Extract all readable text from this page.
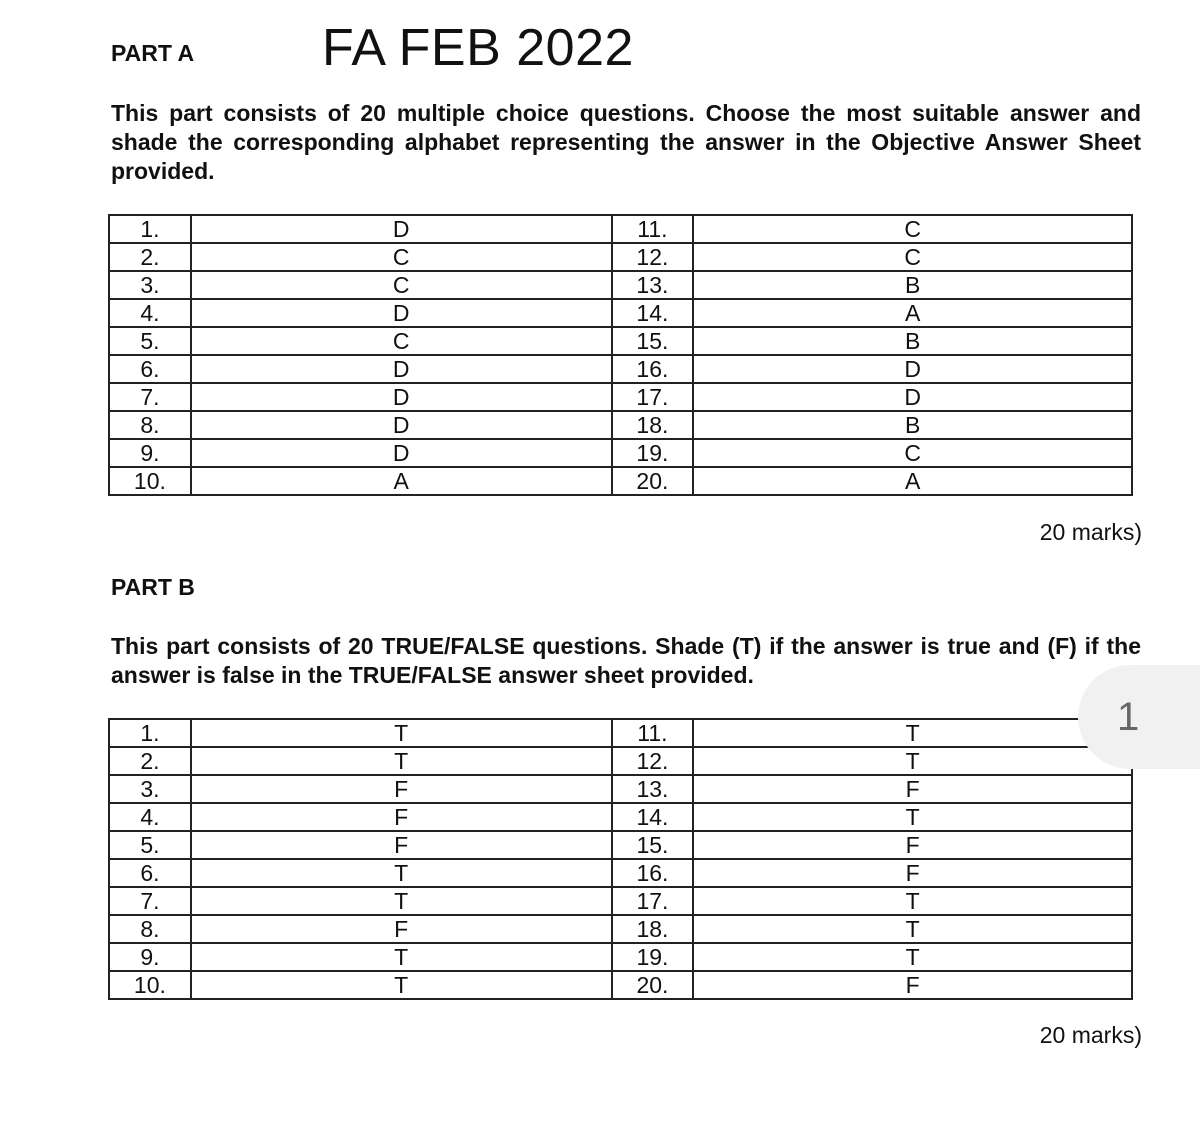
PART A FA FEB 2022
This part consists of 20 multiple choice questions. Choose the most suitable answer and shade the corresponding alphabet representing the answer in the Objective Answer Sheet provided.
1.	D	11.	C
2.	C	12.	C
3.	C	13.	B
4.	D	14.	A
5.	C	15.	B
6.	D	16.	D
7.	D	17.	D
8.	D	18.	B
9.	D	19.	C
10.	A	20.	A
20 marks)
PART B
This part consists of 20 TRUE/FALSE questions. Shade (T) if the answer is true and (F) if the answer is false in the TRUE/FALSE answer sheet provided.
1.	T	11.	T
2.	T	12.	T
3.	F	13.	F
4.	F	14.	T
5.	F	15.	F
6.	T	16.	F
7.	T	17.	T
8.	F	18.	T
9.	T	19.	T
10.	T	20.	F
20 marks)
1
